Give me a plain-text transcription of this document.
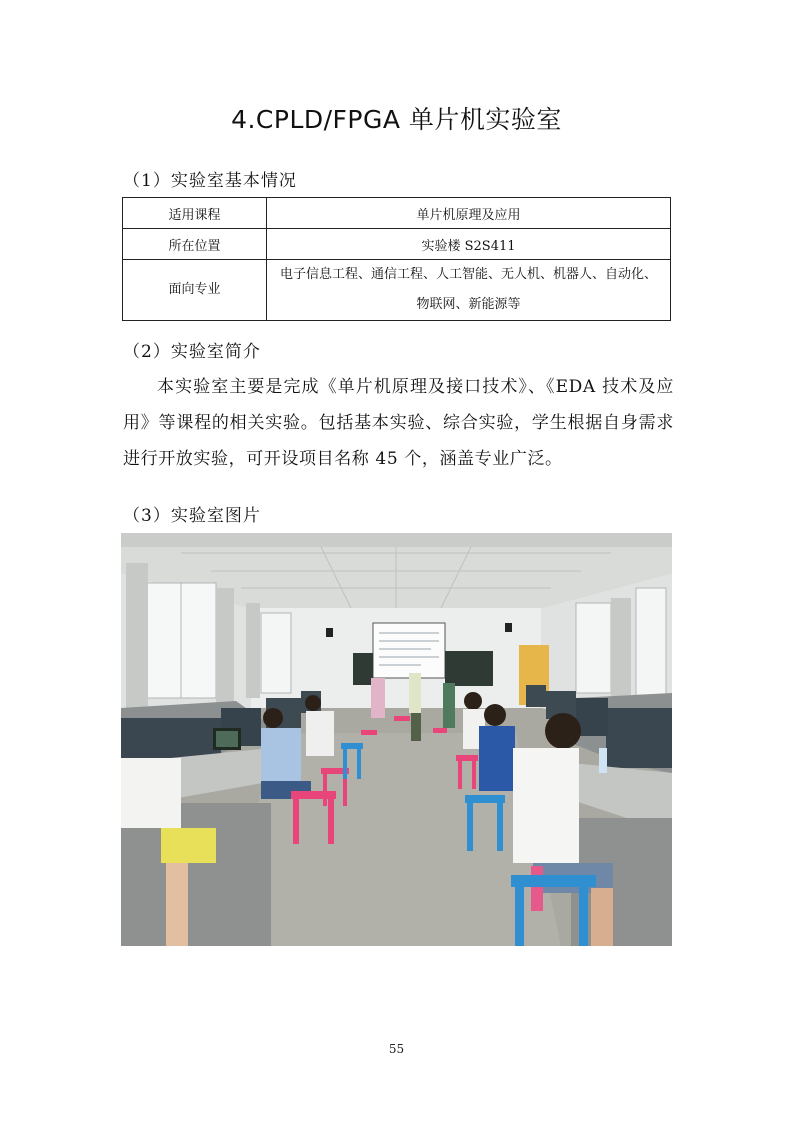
4.CPLD/FPGA 单片机实验室
（1）实验室基本情况
适用课程	单片机原理及应用
所在位置	实验楼 S2S411
面向专业	电子信息工程、通信工程、人工智能、无人机、机器人、自动化、
物联网、新能源等
（2）实验室简介
本实验室主要是完成《单片机原理及接口技术》、《EDA 技术及应用》等课程的相关实验。包括基本实验、综合实验，学生根据自身需求进行开放实验，可开设项目名称 45 个，涵盖专业广泛。
（3）实验室图片
55
